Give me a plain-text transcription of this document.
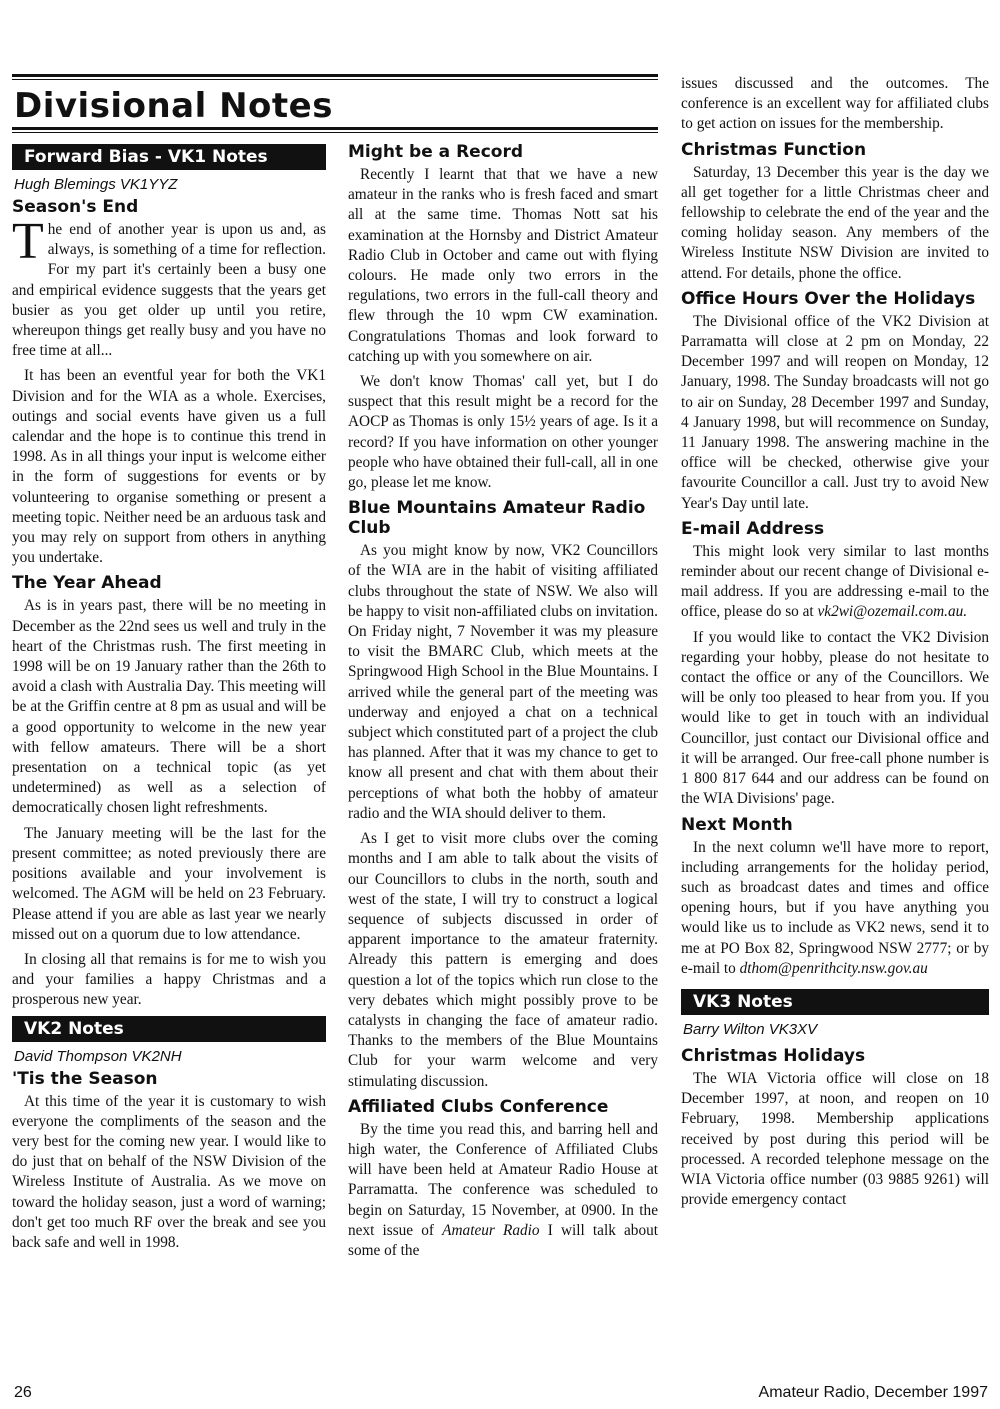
Divisional Notes
Forward Bias - VK1 Notes
Hugh Blemings VK1YYZ
Season's End

The end of another year is upon us and, as always, is something of a time for reflection. For my part it's certainly been a busy one and empirical evidence suggests that the years get busier as you get older up until you retire, whereupon things get really busy and you have no free time at all...

It has been an eventful year for both the VK1 Division and for the WIA as a whole. Exercises, outings and social events have given us a full calendar and the hope is to continue this trend in 1998. As in all things your input is welcome either in the form of suggestions for events or by volunteering to organise something or present a meeting topic. Neither need be an arduous task and you may rely on support from others in anything you undertake.

The Year Ahead

As is in years past, there will be no meeting in December as the 22nd sees us well and truly in the heart of the Christmas rush. The first meeting in 1998 will be on 19 January rather than the 26th to avoid a clash with Australia Day. This meeting will be at the Griffin centre at 8 pm as usual and will be a good opportunity to welcome in the new year with fellow amateurs. There will be a short presentation on a technical topic (as yet undetermined) as well as a selection of democratically chosen light refreshments.

The January meeting will be the last for the present committee; as noted previously there are positions available and your involvement is welcomed. The AGM will be held on 23 February. Please attend if you are able as last year we nearly missed out on a quorum due to low attendance.

In closing all that remains is for me to wish you and your families a happy Christmas and a prosperous new year.

VK2 Notes
David Thompson VK2NH
'Tis the Season

At this time of the year it is customary to wish everyone the compliments of the season and the very best for the coming new year. I would like to do just that on behalf of the NSW Division of the Wireless Institute of Australia. As we move on toward the holiday season, just a word of warning; don't get too much RF over the break and see you back safe and well in 1998.

Might be a Record

Recently I learnt that that we have a new amateur in the ranks who is fresh faced and smart all at the same time. Thomas Nott sat his examination at the Hornsby and District Amateur Radio Club in October and came out with flying colours. He made only two errors in the regulations, two errors in the full-call theory and flew through the 10 wpm CW examination. Congratulations Thomas and look forward to catching up with you somewhere on air.

We don't know Thomas' call yet, but I do suspect that this result might be a record for the AOCP as Thomas is only 15½ years of age. Is it a record? If you have information on other younger people who have obtained their full-call, all in one go, please let me know.

Blue Mountains Amateur Radio Club

As you might know by now, VK2 Councillors of the WIA are in the habit of visiting affiliated clubs throughout the state of NSW. We also will be happy to visit non-affiliated clubs on invitation. On Friday night, 7 November it was my pleasure to visit the BMARC Club, which meets at the Springwood High School in the Blue Mountains. I arrived while the general part of the meeting was underway and enjoyed a chat on a technical subject which constituted part of a project the club has planned. After that it was my chance to get to know all present and chat with them about their perceptions of what both the hobby of amateur radio and the WIA should deliver to them.

As I get to visit more clubs over the coming months and I am able to talk about the visits of our Councillors to clubs in the north, south and west of the state, I will try to construct a logical sequence of subjects discussed in order of apparent importance to the amateur fraternity. Already this pattern is emerging and does question a lot of the topics which run close to the very debates which might possibly prove to be catalysts in changing the face of amateur radio. Thanks to the members of the Blue Mountains Club for your warm welcome and very stimulating discussion.

Affiliated Clubs Conference

By the time you read this, and barring hell and high water, the Conference of Affiliated Clubs will have been held at Amateur Radio House at Parramatta. The conference was scheduled to begin on Saturday, 15 November, at 0900. In the next issue of Amateur Radio I will talk about some of the

issues discussed and the outcomes. The conference is an excellent way for affiliated clubs to get action on issues for the membership.

Christmas Function

Saturday, 13 December this year is the day we all get together for a little Christmas cheer and fellowship to celebrate the end of the year and the coming holiday season. Any members of the Wireless Institute NSW Division are invited to attend. For details, phone the office.

Office Hours Over the Holidays

The Divisional office of the VK2 Division at Parramatta will close at 2 pm on Monday, 22 December 1997 and will reopen on Monday, 12 January, 1998. The Sunday broadcasts will not go to air on Sunday, 28 December 1997 and Sunday, 4 January 1998, but will recommence on Sunday, 11 January 1998. The answering machine in the office will be checked, otherwise give your favourite Councillor a call. Just try to avoid New Year's Day until late.

E-mail Address

This might look very similar to last months reminder about our recent change of Divisional e-mail address. If you are addressing e-mail to the office, please do so at vk2wi@ozemail.com.au.

If you would like to contact the VK2 Division regarding your hobby, please do not hesitate to contact the office or any of the Councillors. We will be only too pleased to hear from you. If you would like to get in touch with an individual Councillor, just contact our Divisional office and it will be arranged. Our free-call phone number is 1 800 817 644 and our address can be found on the WIA Divisions' page.

Next Month

In the next column we'll have more to report, including arrangements for the holiday period, such as broadcast dates and times and office opening hours, but if you have anything you would like us to include as VK2 news, send it to me at PO Box 82, Springwood NSW 2777; or by e-mail to dthom@penrithcity.nsw.gov.au

VK3 Notes
Barry Wilton VK3XV
Christmas Holidays

The WIA Victoria office will close on 18 December 1997, at noon, and reopen on 10 February, 1998. Membership applications received by post during this period will be processed. A recorded telephone message on the WIA Victoria office number (03 9885 9261) will provide emergency contact

26	Amateur Radio, December 1997
